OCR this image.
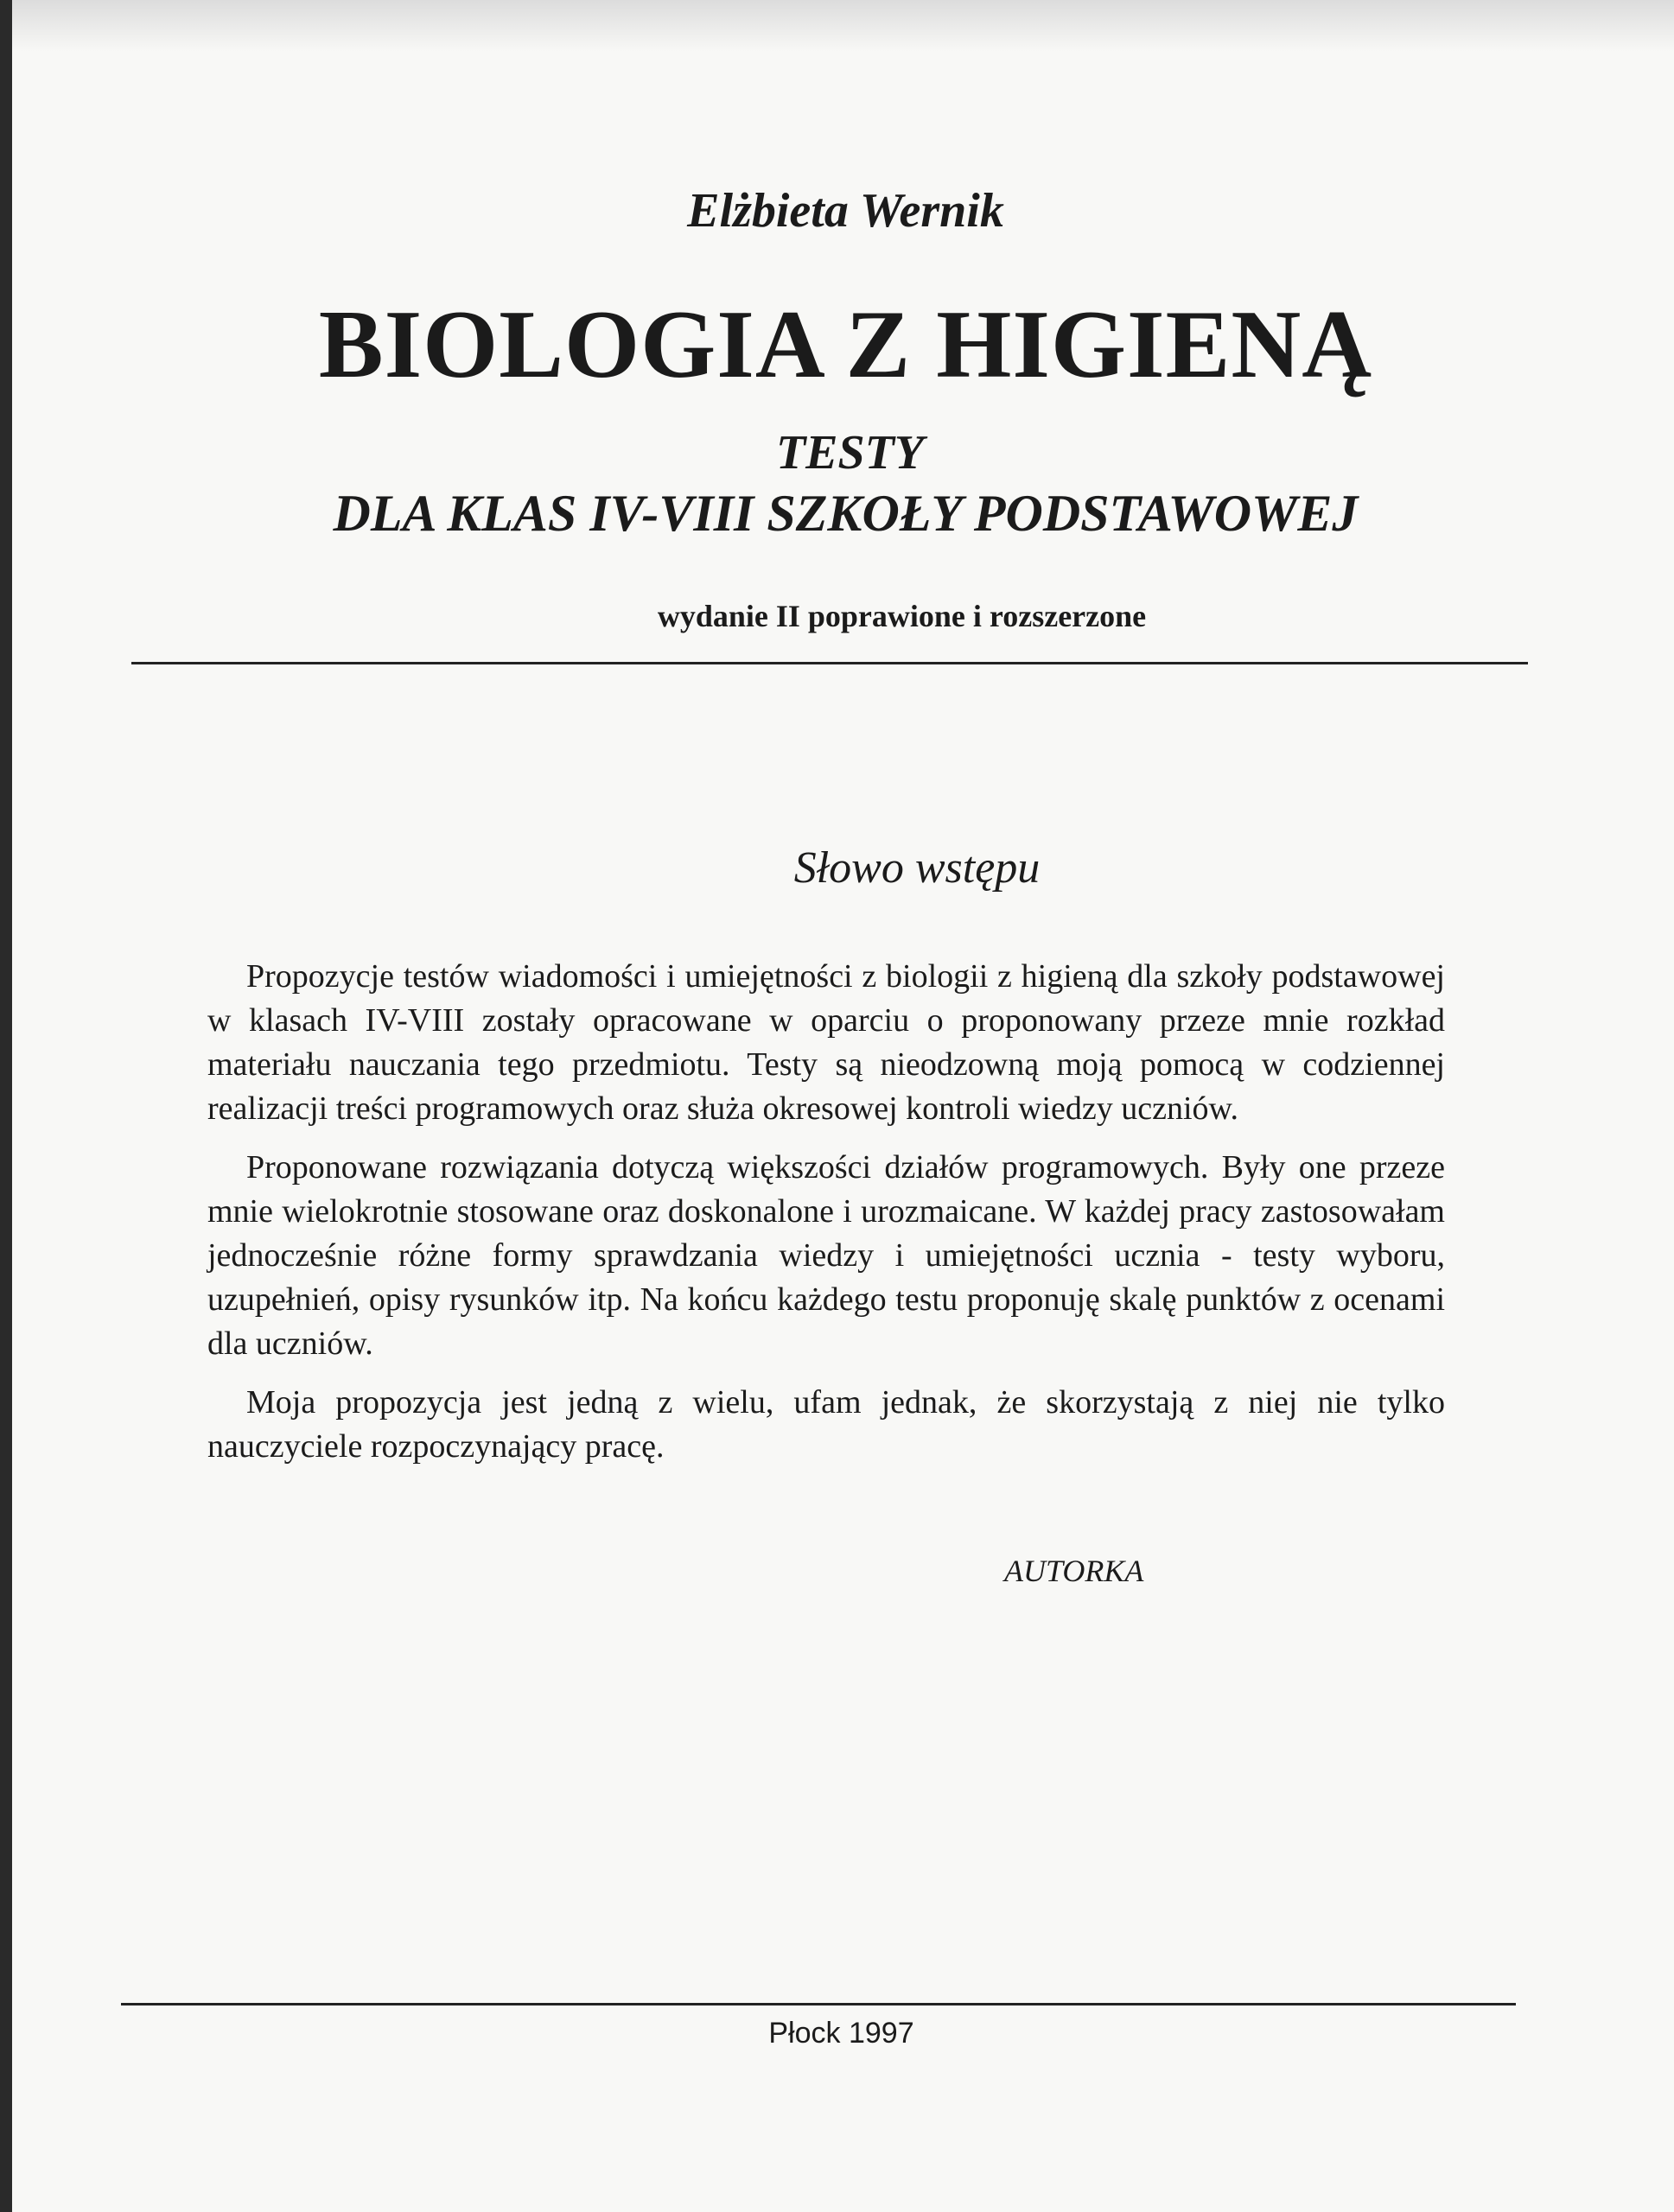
Elżbieta Wernik
BIOLOGIA Z HIGIENĄ
TESTY
DLA KLAS IV-VIII SZKOŁY PODSTAWOWEJ
wydanie II poprawione i rozszerzone
Słowo wstępu

Propozycje testów wiadomości i umiejętności z biologii z higieną dla szkoły podstawowej w klasach IV-VIII zostały opracowane w oparciu o proponowany przeze mnie rozkład materiału nauczania tego przedmiotu. Testy są nieodzowną moją pomocą w codziennej realizacji treści programowych oraz służa okresowej kontroli wiedzy uczniów.

Proponowane rozwiązania dotyczą większości działów programowych. Były one przeze mnie wielokrotnie stosowane oraz doskonalone i urozmaicane. W każdej pracy zastosowałam jednocześnie różne formy sprawdzania wiedzy i umiejętności ucznia - testy wyboru, uzupełnień, opisy rysunków itp. Na końcu każdego testu proponuję skalę punktów z ocenami dla uczniów.

Moja propozycja jest jedną z wielu, ufam jednak, że skorzystają z niej nie tylko nauczyciele rozpoczynający pracę.

AUTORKA
Płock 1997
